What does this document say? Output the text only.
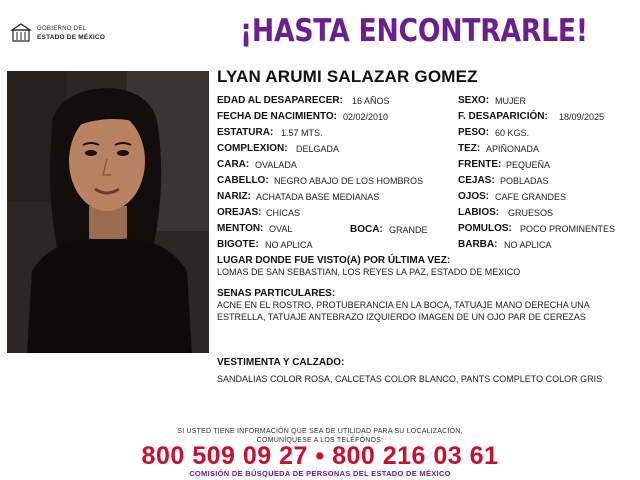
GOBIERNO DEL
ESTADO DE MÉXICO	¡HASTA ENCONTRARLE!
LYAN ARUMI SALAZAR GOMEZ
EDAD AL DESAPARECER: 16 AÑOS
FECHA DE NACIMIENTO: 02/02/2010
ESTATURA: 1.57 MTS.
COMPLEXION: DELGADA
CARA: OVALADA
CABELLO: NEGRO ABAJO DE LOS HOMBROS
NARIZ: ACHATADA BASE MEDIANAS
OREJAS: CHICAS
MENTON: OVAL	BOCA: GRANDE
BIGOTE: NO APLICA
SEXO: MUJER
F. DESAPARICIÓN: 18/09/2025
PESO: 60 KGS.
TEZ: APIÑONADA
FRENTE: PEQUEÑA
CEJAS: POBLADAS
OJOS: CAFE GRANDES
LABIOS: GRUESOS
POMULOS: POCO PROMINENTES
BARBA: NO APLICA
LUGAR DONDE FUE VISTO(A) POR ÚLTIMA VEZ:
LOMAS DE SAN SEBASTIAN, LOS REYES LA PAZ, ESTADO DE MEXICO
SENAS PARTICULARES:
ACNE EN EL ROSTRO, PROTUBERANCIA EN LA BOCA, TATUAJE MANO DERECHA UNA ESTRELLA, TATUAJE ANTEBRAZO IZQUIERDO IMAGEN DE UN OJO PAR DE CEREZAS
VESTIMENTA Y CALZADO:
SANDALIAS COLOR ROSA, CALCETAS COLOR BLANCO, PANTS COMPLETO COLOR GRIS
SI USTED TIENE INFORMACIÓN QUE SEA DE UTILIDAD PARA SU LOCALIZACIÓN,
COMUNÍQUESE A LOS TELÉFONOS:
800 509 09 27 • 800 216 03 61
COMISIÓN DE BÚSQUEDA DE PERSONAS DEL ESTADO DE MÉXICO
